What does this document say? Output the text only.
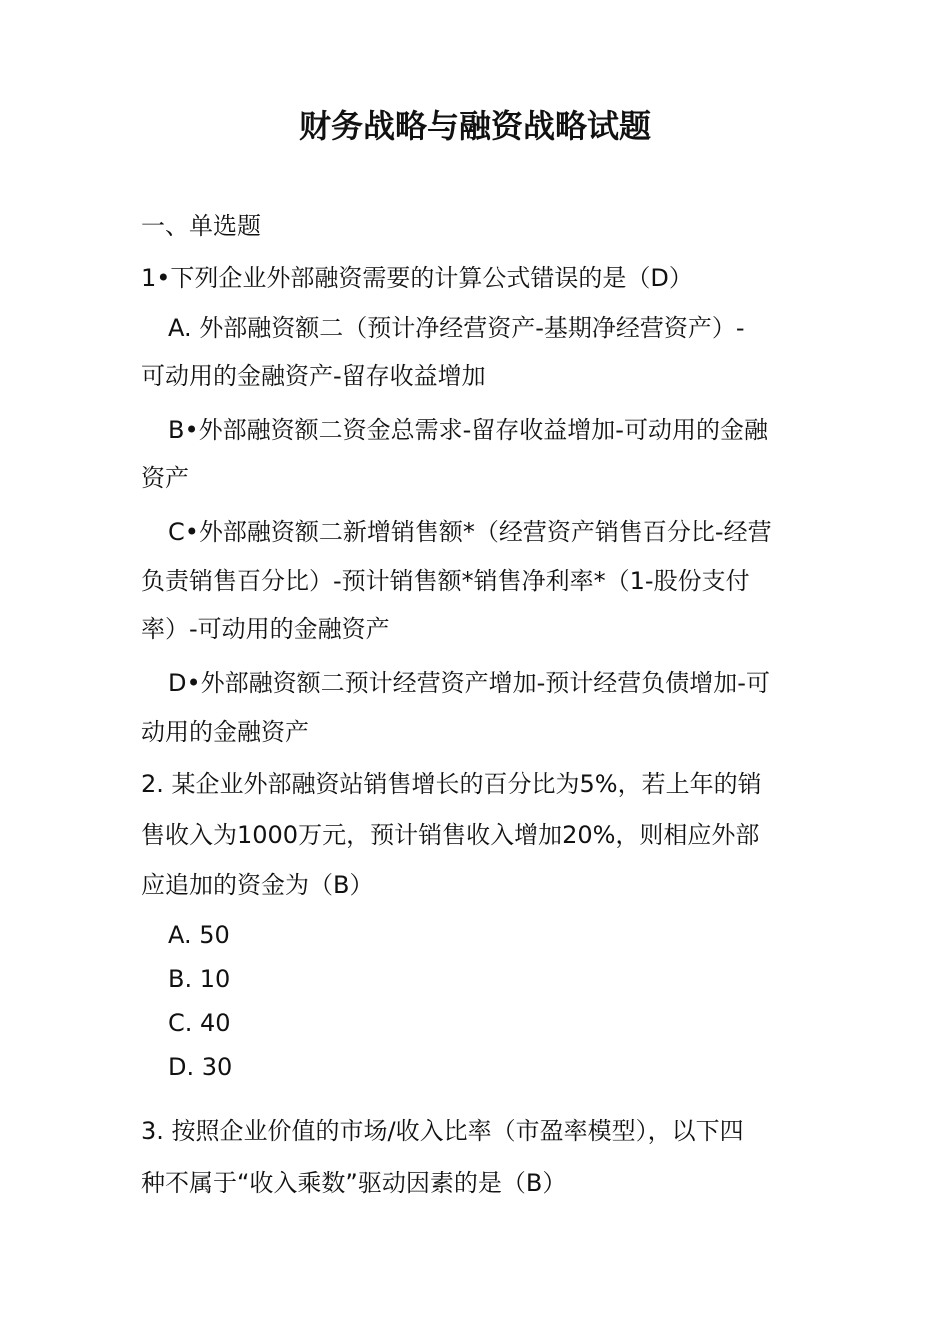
财务战略与融资战略试题

一、单选题

1•下列企业外部融资需要的计算公式错误的是（D）

A. 外部融资额二（预计净经营资产-基期净经营资产）-

可动用的金融资产-留存收益增加

B•外部融资额二资金总需求-留存收益增加-可动用的金融

资产

C•外部融资额二新增销售额*（经营资产销售百分比-经营

负责销售百分比）-预计销售额*销售净利率*（1-股份支付

率）-可动用的金融资产

D•外部融资额二预计经营资产增加-预计经营负债增加-可

动用的金融资产

2. 某企业外部融资站销售增长的百分比为5%，若上年的销

售收入为1000万元，预计销售收入增加20%，则相应外部

应追加的资金为（B）

A. 50

B. 10

C. 40

D. 30

3. 按照企业价值的市场/收入比率（市盈率模型），以下四

种不属于“收入乘数”驱动因素的是（B）
